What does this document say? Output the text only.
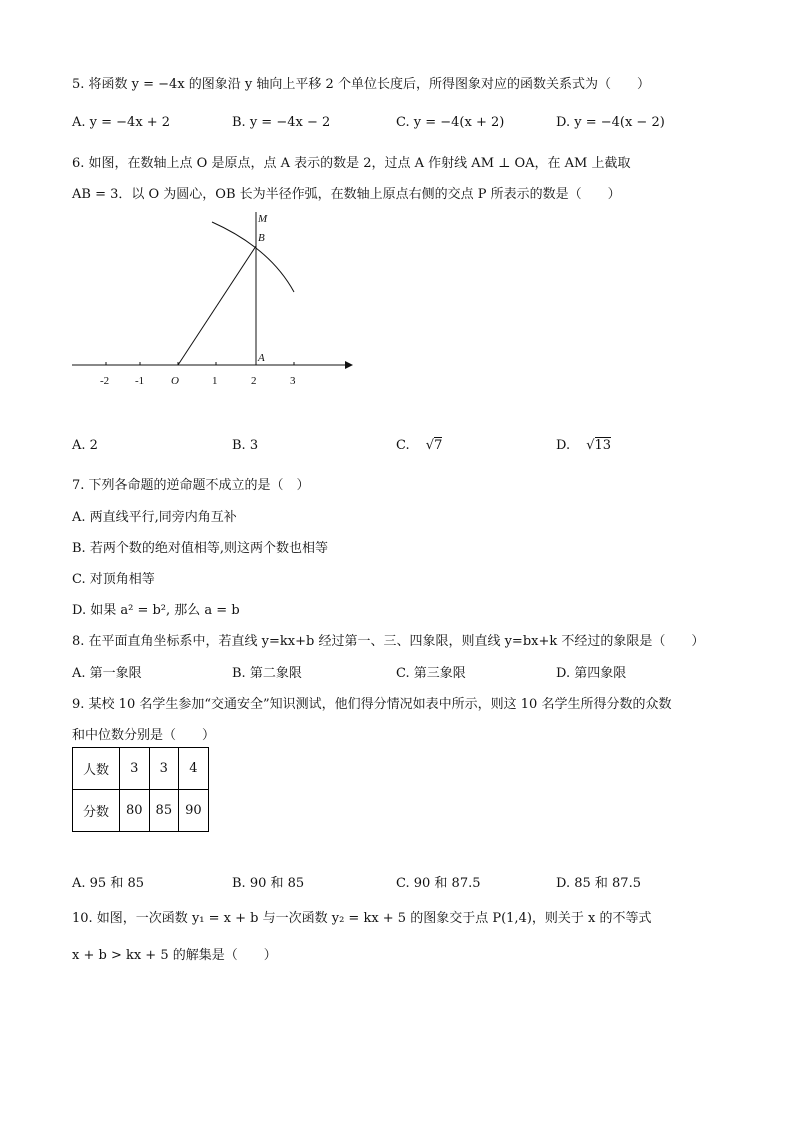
5. 将函数 y = −4x 的图象沿 y 轴向上平移 2 个单位长度后，所得图象对应的函数关系式为（　　）
A. y = −4x + 2	B. y = −4x − 2	C. y = −4(x + 2)	D. y = −4(x − 2)
6. 如图，在数轴上点 O 是原点，点 A 表示的数是 2，过点 A 作射线 AM ⊥ OA，在 AM 上截取
AB = 3．以 O 为圆心，OB 长为半径作弧，在数轴上原点右侧的交点 P 所表示的数是（　　）
M
B
A
O
-2 -1	1	2	3
A. 2	B. 3	C. √7	D. √13
7. 下列各命题的逆命题不成立的是（　）
A. 两直线平行,同旁内角互补
B. 若两个数的绝对值相等,则这两个数也相等
C. 对顶角相等
D. 如果 a² = b², 那么 a = b
8. 在平面直角坐标系中，若直线 y=kx+b 经过第一、三、四象限，则直线 y=bx+k 不经过的象限是（　　）
A. 第一象限	B. 第二象限	C. 第三象限	D. 第四象限
9. 某校 10 名学生参加“交通安全”知识测试，他们得分情况如表中所示，则这 10 名学生所得分数的众数
和中位数分别是（　　）
人数	3	3	4
分数	80	85	90
A. 95 和 85	B. 90 和 85	C. 90 和 87.5	D. 85 和 87.5
10. 如图，一次函数 y₁ = x + b 与一次函数 y₂ = kx + 5 的图象交于点 P(1,4)，则关于 x 的不等式
x + b > kx + 5 的解集是（　　）
